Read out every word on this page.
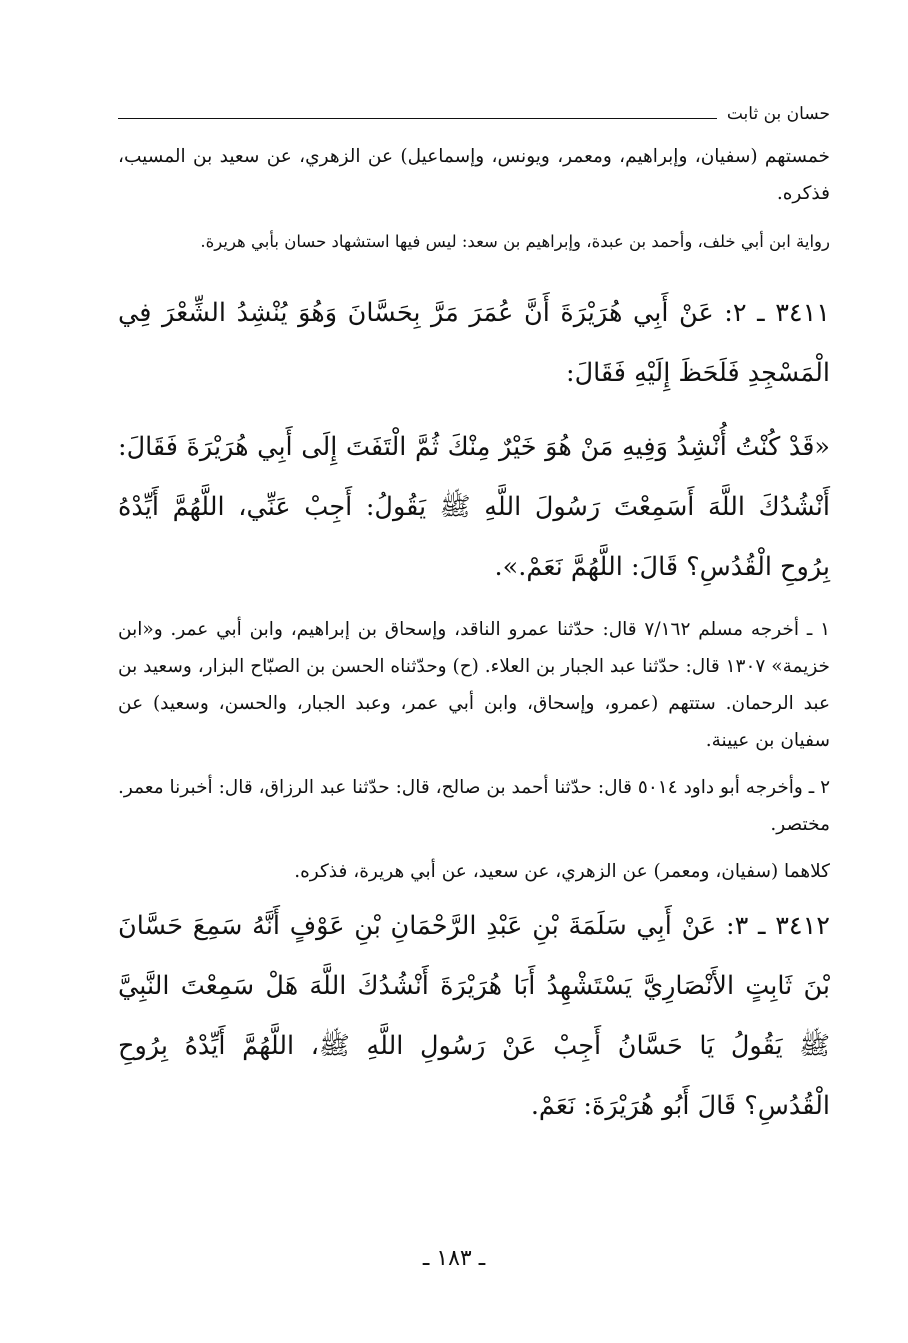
حسان بن ثابت

خمستهم (سفيان، وإبراهيم، ومعمر، ويونس، وإسماعيل) عن الزهري، عن سعيد بن المسيب، فذكره.

رواية ابن أبي خلف، وأحمد بن عبدة، وإبراهيم بن سعد: ليس فيها استشهاد حسان بأبي هريرة.

٣٤١١ ـ ٢: عَنْ أَبِي هُرَيْرَةَ أَنَّ عُمَرَ مَرَّ بِحَسَّانَ وَهُوَ يُنْشِدُ الشِّعْرَ فِي الْمَسْجِدِ فَلَحَظَ إِلَيْهِ فَقَالَ:

«قَدْ كُنْتُ أُنْشِدُ وَفِيهِ مَنْ هُوَ خَيْرٌ مِنْكَ ثُمَّ الْتَفَتَ إِلَى أَبِي هُرَيْرَةَ فَقَالَ: أَنْشُدُكَ اللَّهَ أَسَمِعْتَ رَسُولَ اللَّهِ ﷺ يَقُولُ: أَجِبْ عَنِّي، اللَّهُمَّ أَيِّدْهُ بِرُوحِ الْقُدُسِ؟ قَالَ: اللَّهُمَّ نَعَمْ.».

١ ـ أخرجه مسلم ٧/١٦٢ قال: حدّثنا عمرو الناقد، وإسحاق بن إبراهيم، وابن أبي عمر. و«ابن خزيمة» ١٣٠٧ قال: حدّثنا عبد الجبار بن العلاء. (ح) وحدّثناه الحسن بن الصبّاح البزار، وسعيد بن عبد الرحمان. ستتهم (عمرو، وإسحاق، وابن أبي عمر، وعبد الجبار، والحسن، وسعيد) عن سفيان بن عيينة.

٢ ـ وأخرجه أبو داود ٥٠١٤ قال: حدّثنا أحمد بن صالح، قال: حدّثنا عبد الرزاق، قال: أخبرنا معمر. مختصر.

كلاهما (سفيان، ومعمر) عن الزهري، عن سعيد، عن أبي هريرة، فذكره.

٣٤١٢ ـ ٣: عَنْ أَبِي سَلَمَةَ بْنِ عَبْدِ الرَّحْمَانِ بْنِ عَوْفٍ أَنَّهُ سَمِعَ حَسَّانَ بْنَ ثَابِتٍ الأَنْصَارِيَّ يَسْتَشْهِدُ أَبَا هُرَيْرَةَ أَنْشُدُكَ اللَّهَ هَلْ سَمِعْتَ النَّبِيَّ ﷺ يَقُولُ يَا حَسَّانُ أَجِبْ عَنْ رَسُولِ اللَّهِ ﷺ، اللَّهُمَّ أَيِّدْهُ بِرُوحِ الْقُدُسِ؟ قَالَ أَبُو هُرَيْرَةَ: نَعَمْ.

ـ ١٨٣ ـ
